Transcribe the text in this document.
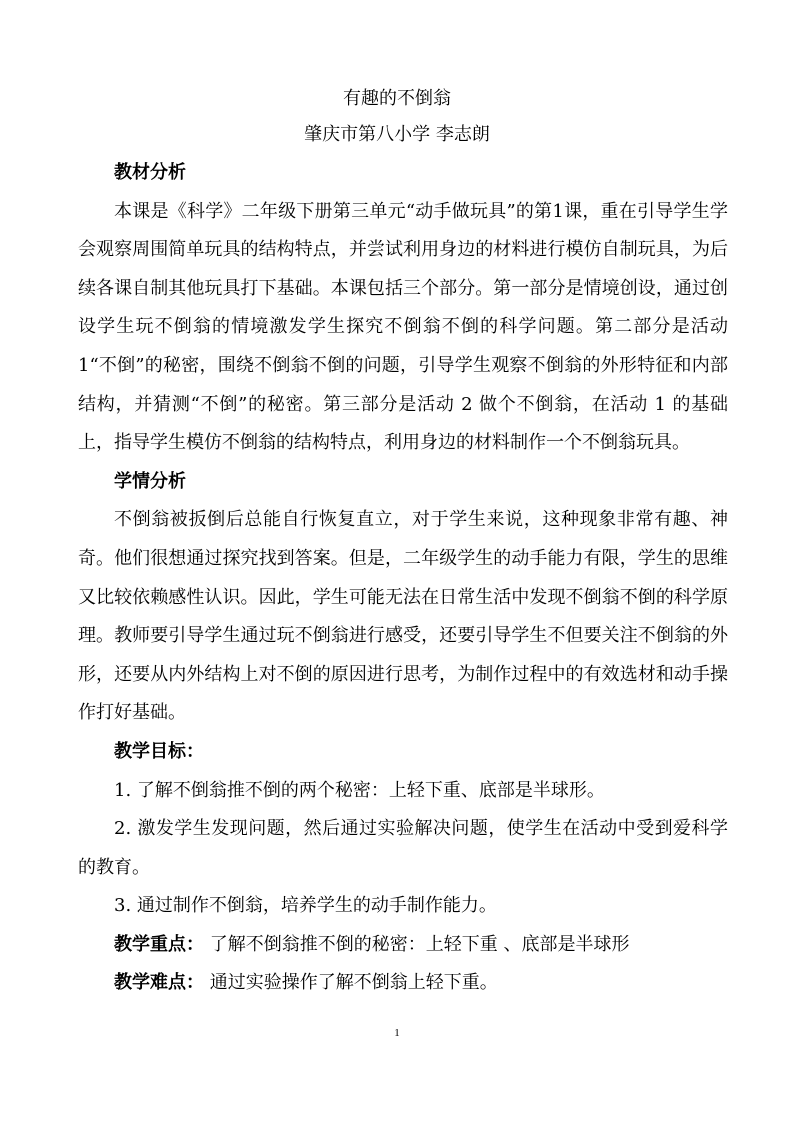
有趣的不倒翁
肇庆市第八小学 李志朗

教材分析

本课是《科学》二年级下册第三单元“动手做玩具”的第1课，重在引导学生学会观察周围简单玩具的结构特点，并尝试利用身边的材料进行模仿自制玩具，为后续各课自制其他玩具打下基础。本课包括三个部分。第一部分是情境创设，通过创设学生玩不倒翁的情境激发学生探究不倒翁不倒的科学问题。第二部分是活动　1“不倒”的秘密，围绕不倒翁不倒的问题，引导学生观察不倒翁的外形特征和内部结构，并猜测“不倒”的秘密。第三部分是活动 2 做个不倒翁，在活动 1 的基础上，指导学生模仿不倒翁的结构特点，利用身边的材料制作一个不倒翁玩具。

学情分析

不倒翁被扳倒后总能自行恢复直立，对于学生来说，这种现象非常有趣、神奇。他们很想通过探究找到答案。但是，二年级学生的动手能力有限，学生的思维又比较依赖感性认识。因此，学生可能无法在日常生活中发现不倒翁不倒的科学原理。教师要引导学生通过玩不倒翁进行感受，还要引导学生不但要关注不倒翁的外形，还要从内外结构上对不倒的原因进行思考，为制作过程中的有效选材和动手操作打好基础。

教学目标：

1. 了解不倒翁推不倒的两个秘密：上轻下重、底部是半球形。

2. 激发学生发现问题，然后通过实验解决问题，使学生在活动中受到爱科学的教育。

3. 通过制作不倒翁，培养学生的动手制作能力。

教学重点： 了解不倒翁推不倒的秘密：上轻下重 、底部是半球形

教学难点： 通过实验操作了解不倒翁上轻下重。

1
